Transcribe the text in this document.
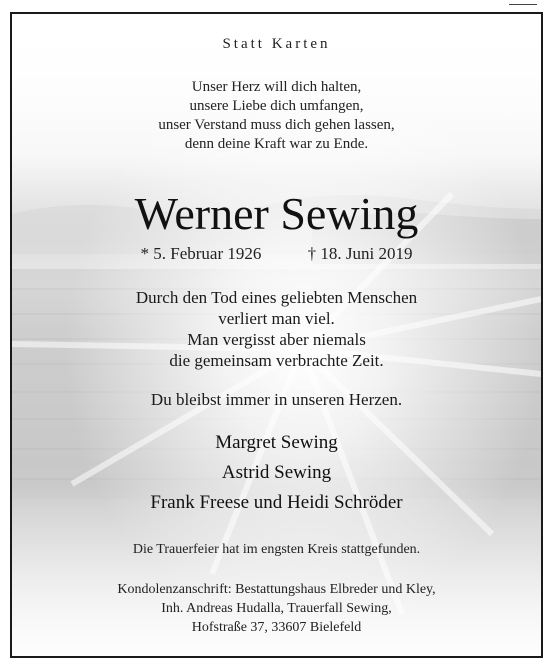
Statt Karten
Unser Herz will dich halten,
unsere Liebe dich umfangen,
unser Verstand muss dich gehen lassen,
denn deine Kraft war zu Ende.
Werner Sewing
* 5. Februar 1926	† 18. Juni 2019
Durch den Tod eines geliebten Menschen
verliert man viel.
Man vergisst aber niemals
die gemeinsam verbrachte Zeit.
Du bleibst immer in unseren Herzen.
Margret Sewing
Astrid Sewing
Frank Freese und Heidi Schröder
Die Trauerfeier hat im engsten Kreis stattgefunden.
Kondolenzanschrift: Bestattungshaus Elbreder und Kley,
Inh. Andreas Hudalla, Trauerfall Sewing,
Hofstraße 37, 33607 Bielefeld
